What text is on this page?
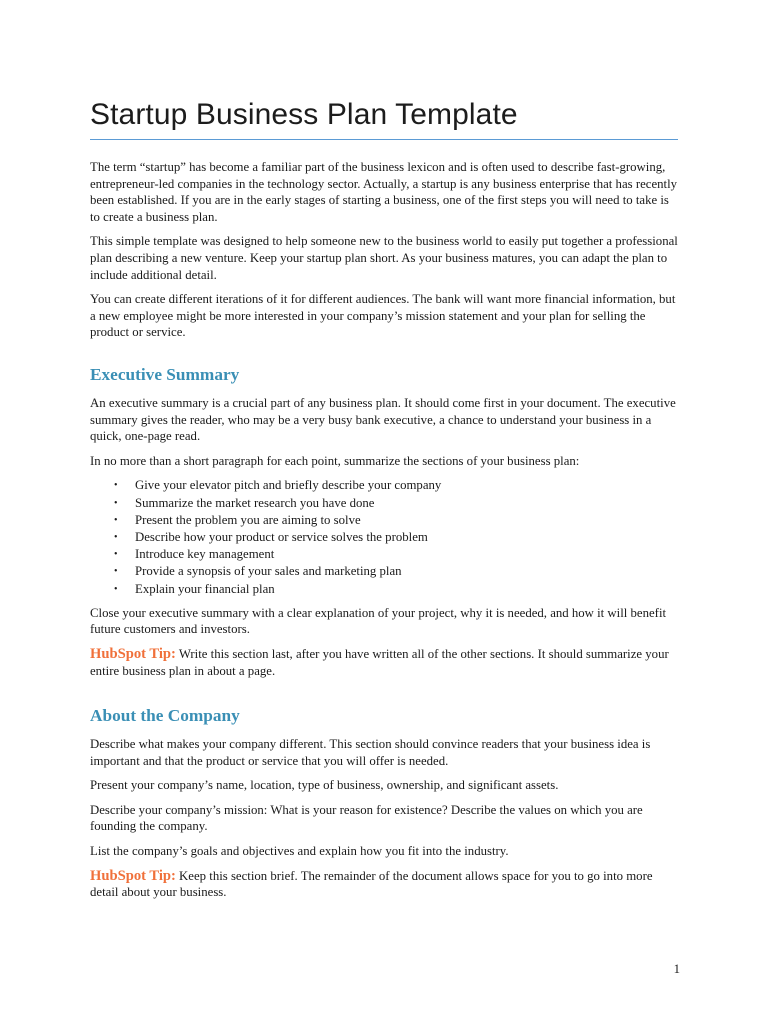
Startup Business Plan Template

The term “startup” has become a familiar part of the business lexicon and is often used to describe fast-growing, entrepreneur-led companies in the technology sector. Actually, a startup is any business enterprise that has recently been established. If you are in the early stages of starting a business, one of the first steps you will need to take is to create a business plan.

This simple template was designed to help someone new to the business world to easily put together a professional plan describing a new venture. Keep your startup plan short. As your business matures, you can adapt the plan to include additional detail.

You can create different iterations of it for different audiences. The bank will want more financial information, but a new employee might be more interested in your company’s mission statement and your plan for selling the product or service.

Executive Summary

An executive summary is a crucial part of any business plan. It should come first in your document. The executive summary gives the reader, who may be a very busy bank executive, a chance to understand your business in a quick, one-page read.

In no more than a short paragraph for each point, summarize the sections of your business plan:

• Give your elevator pitch and briefly describe your company
• Summarize the market research you have done
• Present the problem you are aiming to solve
• Describe how your product or service solves the problem
• Introduce key management
• Provide a synopsis of your sales and marketing plan
• Explain your financial plan

Close your executive summary with a clear explanation of your project, why it is needed, and how it will benefit future customers and investors.

HubSpot Tip: Write this section last, after you have written all of the other sections. It should summarize your entire business plan in about a page.

About the Company

Describe what makes your company different. This section should convince readers that your business idea is important and that the product or service that you will offer is needed.

Present your company’s name, location, type of business, ownership, and significant assets.

Describe your company’s mission: What is your reason for existence? Describe the values on which you are founding the company.

List the company’s goals and objectives and explain how you fit into the industry.

HubSpot Tip: Keep this section brief. The remainder of the document allows space for you to go into more detail about your business.

1
